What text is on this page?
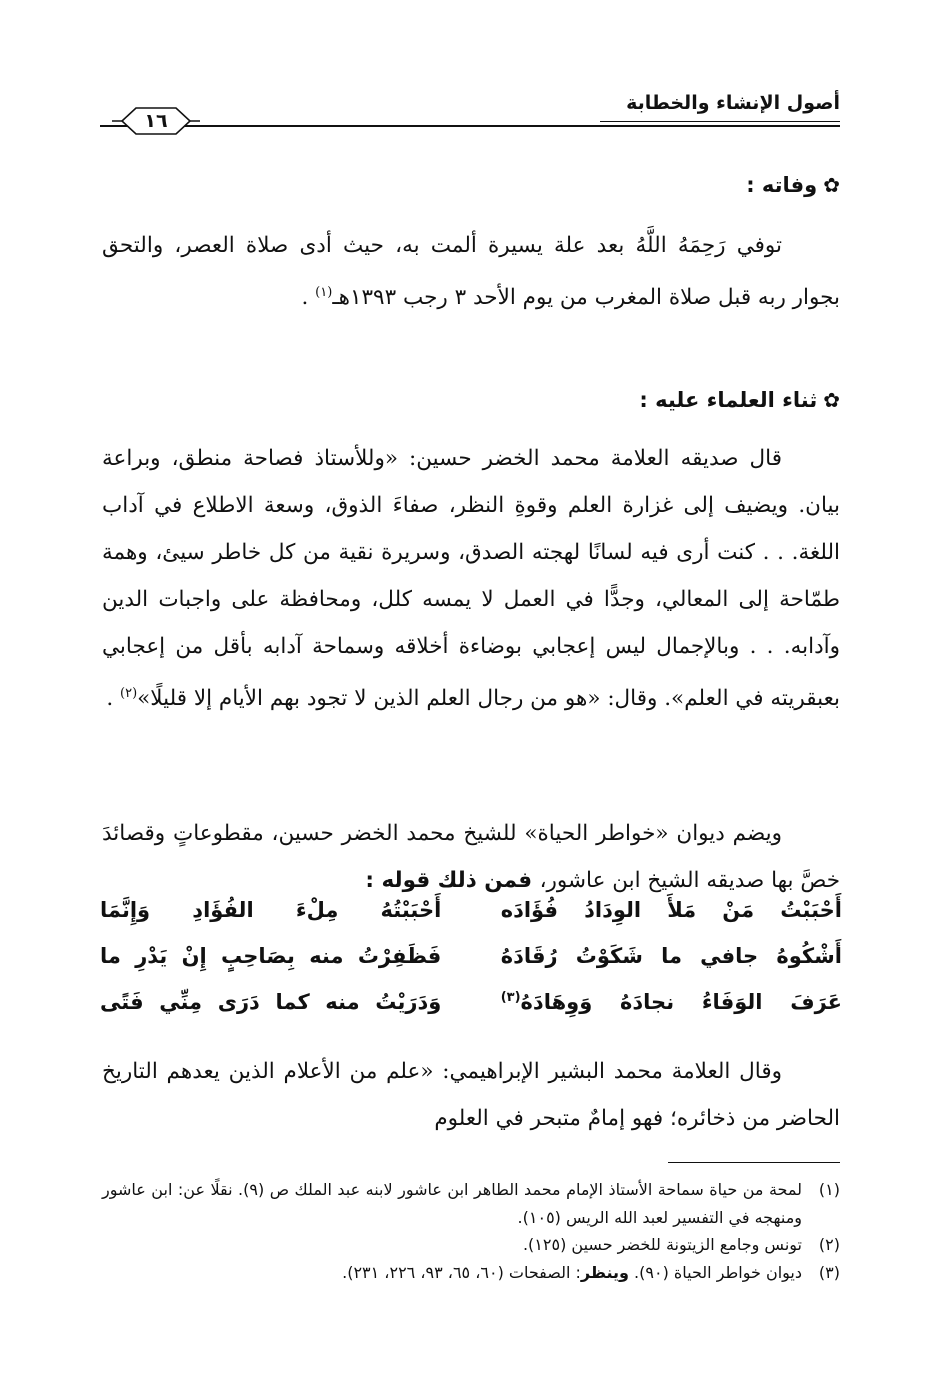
أصول الإنشاء والخطابة
١٦
✿
وفاته :
توفي رَحِمَهُ اللَّهُ بعد علة يسيرة ألمت به، حيث أدى صلاة العصر، والتحق بجوار ربه قبل صلاة المغرب من يوم الأحد ٣ رجب ١٣٩٣هـ$^{(١)}$ .
✿
ثناء العلماء عليه :
قال صديقه العلامة محمد الخضر حسين: «وللأستاذ فصاحة منطق، وبراعة بيان. ويضيف إلى غزارة العلم وقوةِ النظر، صفاءَ الذوق، وسعة الاطلاع في آداب اللغة. . . كنت أرى فيه لسانًا لهجته الصدق، وسريرة نقية من كل خاطر سيئ، وهمة طمّاحة إلى المعالي، وجدًّا في العمل لا يمسه كلل، ومحافظة على واجبات الدين وآدابه. . . وبالإجمال ليس إعجابي بوضاءة أخلاقه وسماحة آدابه بأقل من إعجابي بعبقريته في العلم». وقال: «هو من رجال العلم الذين لا تجود بهم الأيام إلا قليلًا»$^{(٢)}$ .
ويضم ديوان «خواطر الحياة» للشيخ محمد الخضر حسين، مقطوعاتٍ وقصائدَ خصَّ بها صديقه الشيخ ابن عاشور، فمن ذلك قوله :
أَحْبَبْتُ مَنْ مَلأَ الوِدَادُ فُؤَادَه
أَحْبَبْتُهُ مِلْءَ الفُؤَادِ وَإِنَّمَا
أَشْكُوهُ جافي ما شَكَوْتُ رُقَادَهُ
فَظَفِرْتُ منه بِصَاحِبٍ إِنْ يَدْرِ ما
عَرَفَ الوَفَاءُ نجادَهُ وَوِهَادَهُ$^{(٣)}$
وَدَرَيْتُ منه كما دَرَى مِنِّي فَتًى
وقال العلامة محمد البشير الإبراهيمي: «علم من الأعلام الذين يعدهم التاريخ الحاضر من ذخائره؛ فهو إمامٌ متبحر في العلوم
(١)
لمحة من حياة سماحة الأستاذ الإمام محمد الطاهر ابن عاشور لابنه عبد الملك ص (٩). نقلًا عن: ابن عاشور ومنهجه في التفسير لعبد الله الريس (١٠٥).
(٢)
تونس وجامع الزيتونة للخضر حسين (١٢٥).
(٣)
ديوان خواطر الحياة (٩٠). وينظر: الصفحات (٦٠، ٦٥، ٩٣، ٢٢٦، ٢٣١).
